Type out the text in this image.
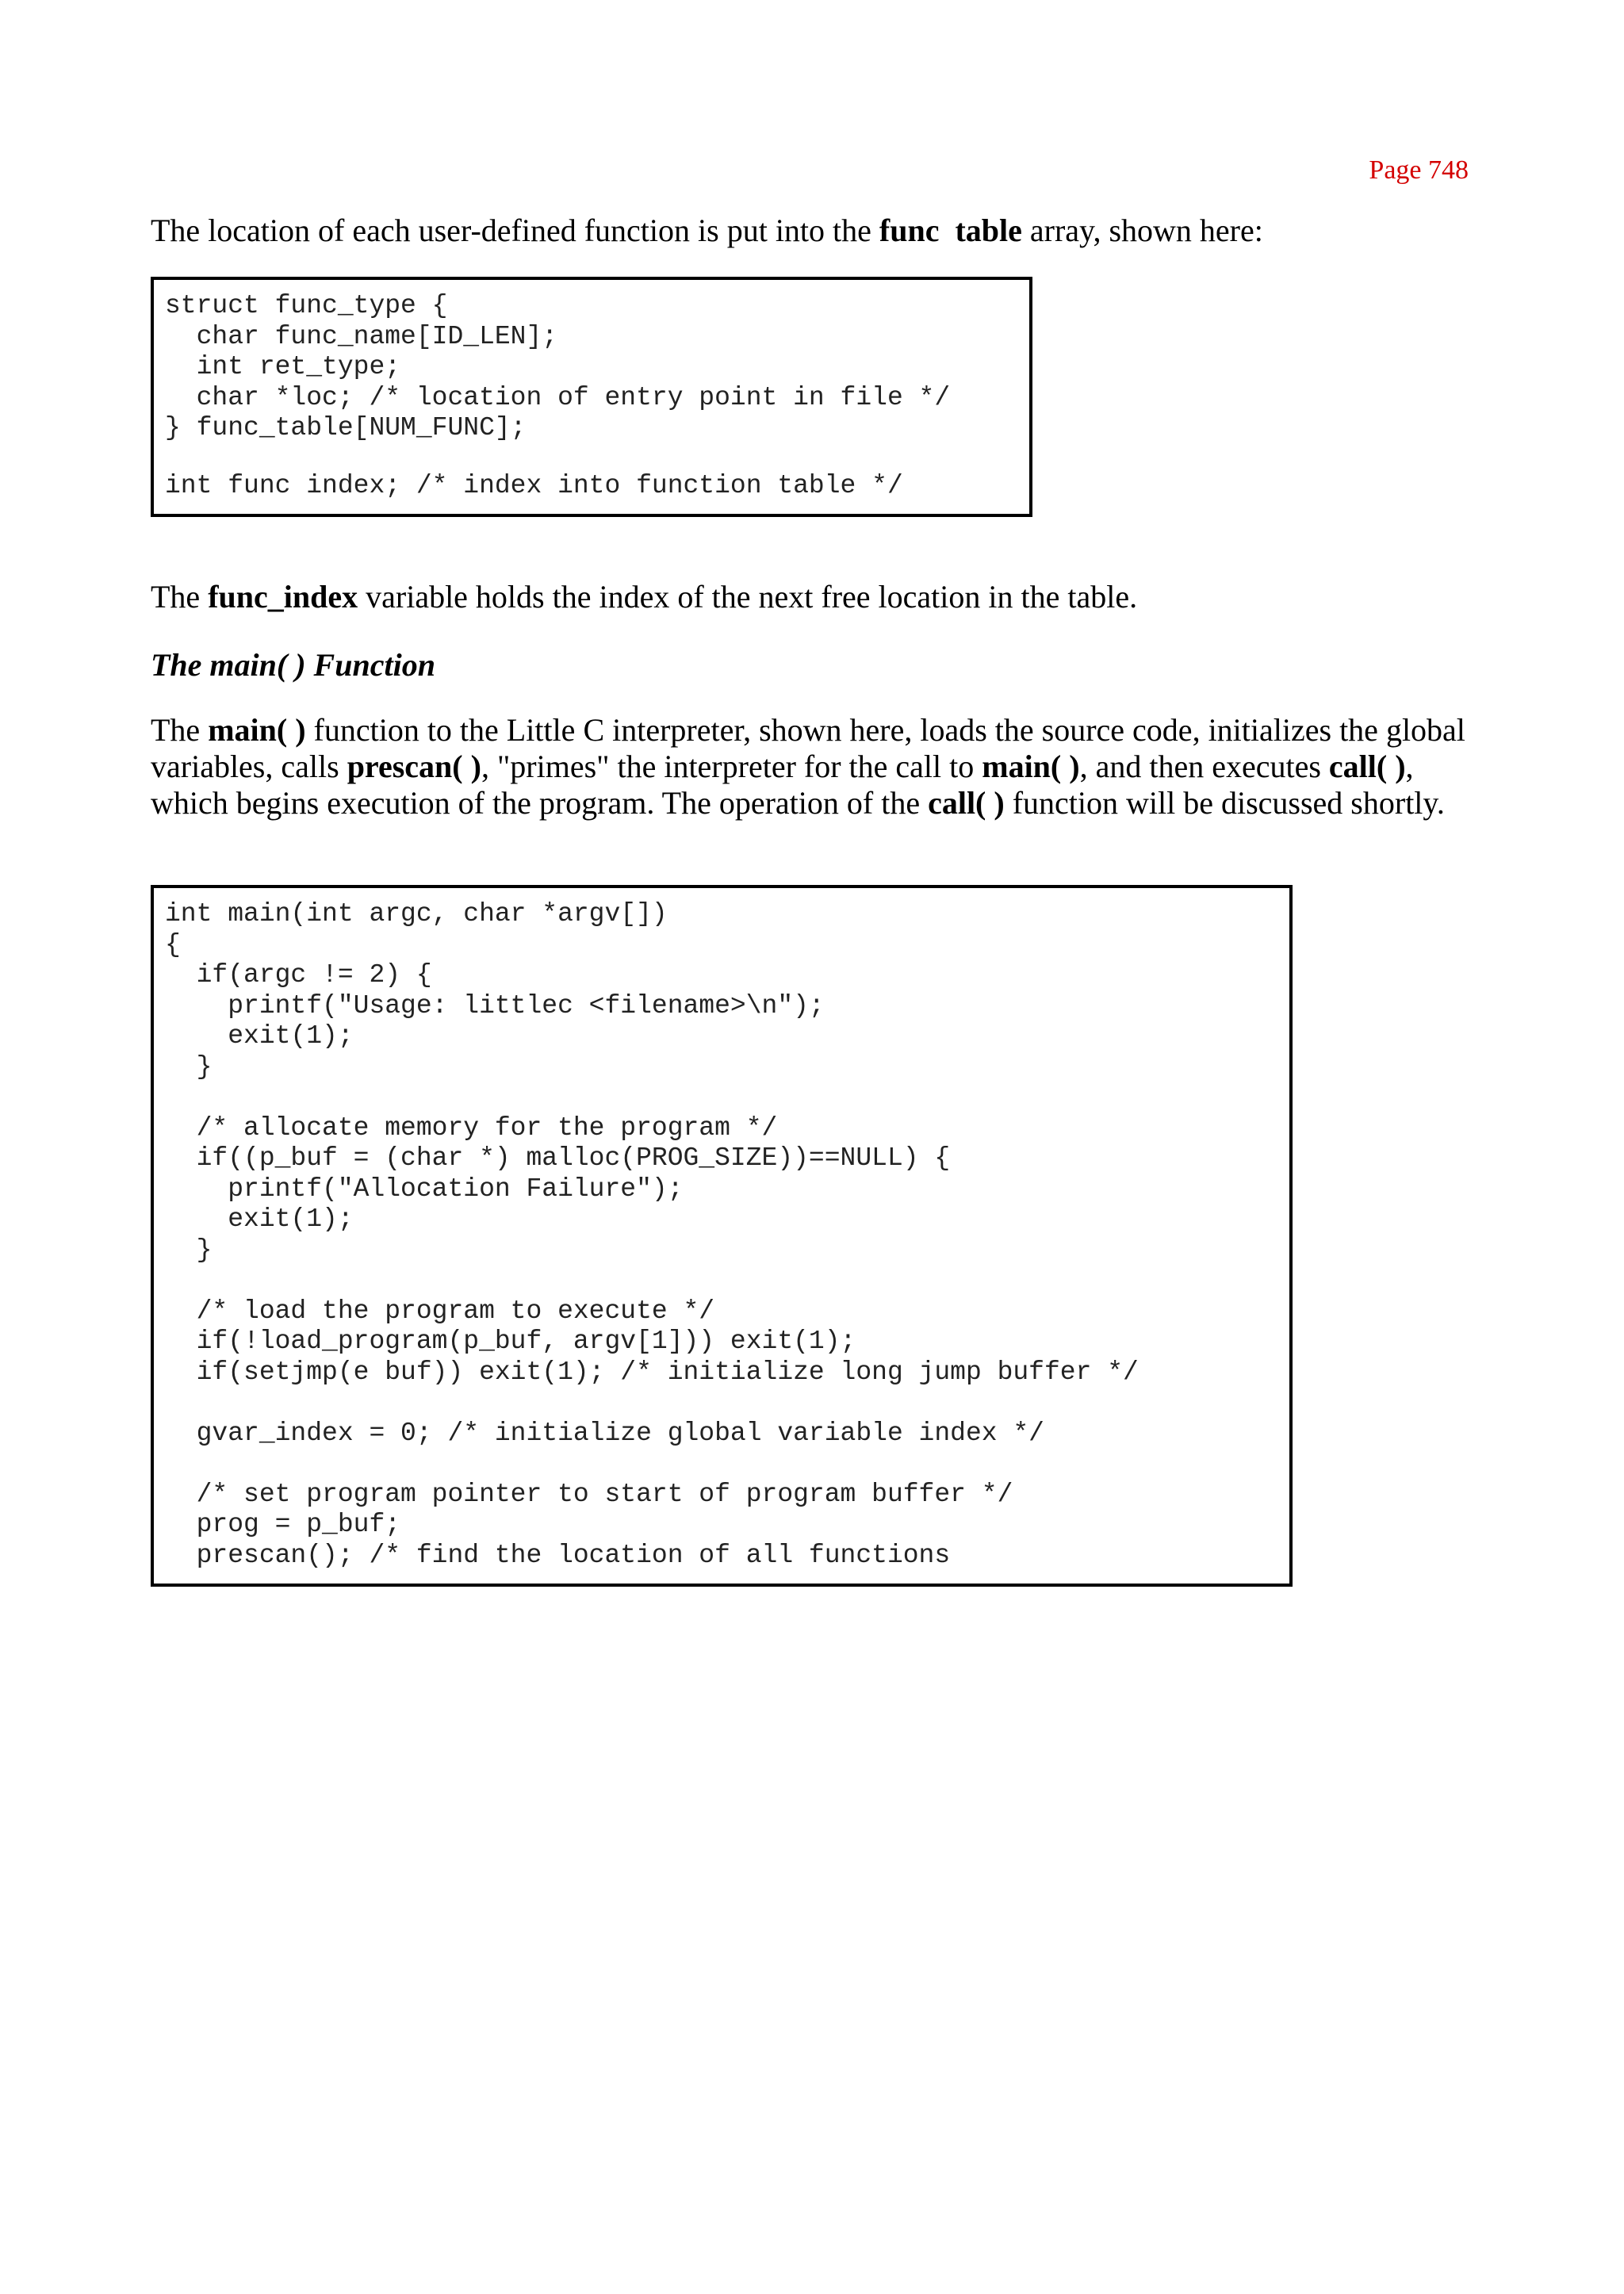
Page 748

The location of each user-defined function is put into the func  table array, shown here:

struct func_type {
char func_name[ID_LEN];
int ret_type;
char *loc; /* location of entry point in file */
} func_table[NUM_FUNC];
int func index; /* index into function table */

The func_index variable holds the index of the next free location in the table.

The main( ) Function

The main( ) function to the Little C interpreter, shown here, loads the source code, initializes the global variables, calls prescan( ), "primes" the interpreter for the call to main( ), and then executes call( ), which begins execution of the program. The operation of the call( ) function will be discussed shortly.

int main(int argc, char *argv[])
{
if(argc != 2) {
printf("Usage: littlec <filename>\n");
exit(1);
}
/* allocate memory for the program */
if((p_buf = (char *) malloc(PROG_SIZE))==NULL) {
printf("Allocation Failure");
exit(1);
}
/* load the program to execute */
if(!load_program(p_buf, argv[1])) exit(1);
if(setjmp(e buf)) exit(1); /* initialize long jump buffer */
gvar_index = 0; /* initialize global variable index */
/* set program pointer to start of program buffer */
prog = p_buf;
prescan(); /* find the location of all functions
